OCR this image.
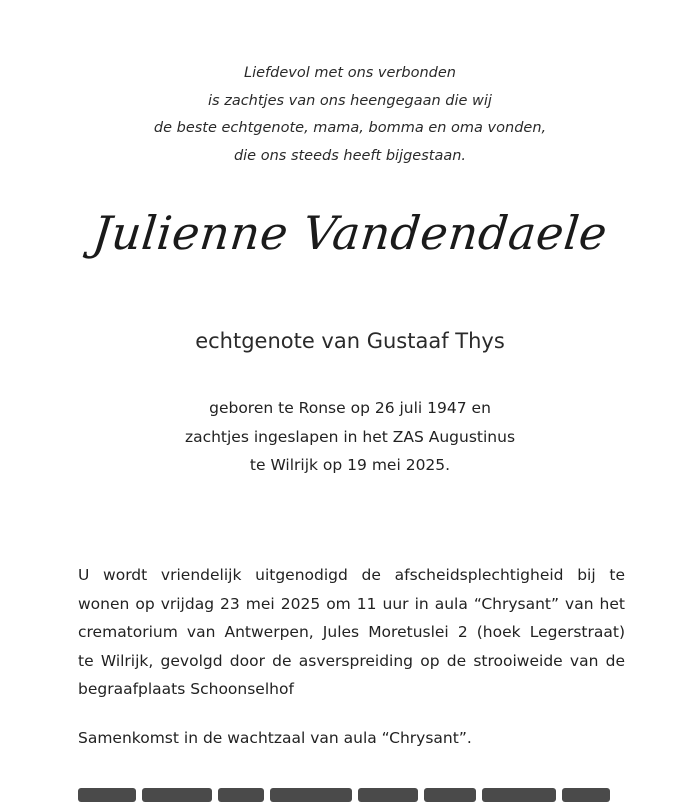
Liefdevol met ons verbonden
is zachtjes van ons heengegaan die wij
de beste echtgenote, mama, bomma en oma vonden,
die ons steeds heeft bijgestaan.
Julienne Vandendaele
echtgenote van Gustaaf Thys
geboren te Ronse op 26 juli 1947 en
zachtjes ingeslapen in het ZAS Augustinus
te Wilrijk op 19 mei 2025.
U wordt vriendelijk uitgenodigd de afscheidsplechtigheid bij te
wonen op vrijdag 23 mei 2025 om 11 uur in aula “Chrysant” van het
crematorium van Antwerpen, Jules Moretuslei 2 (hoek Legerstraat)
te Wilrijk, gevolgd door de asverspreiding op de strooiweide van de
begraafplaats Schoonselhof
Samenkomst in de wachtzaal van aula “Chrysant”.
